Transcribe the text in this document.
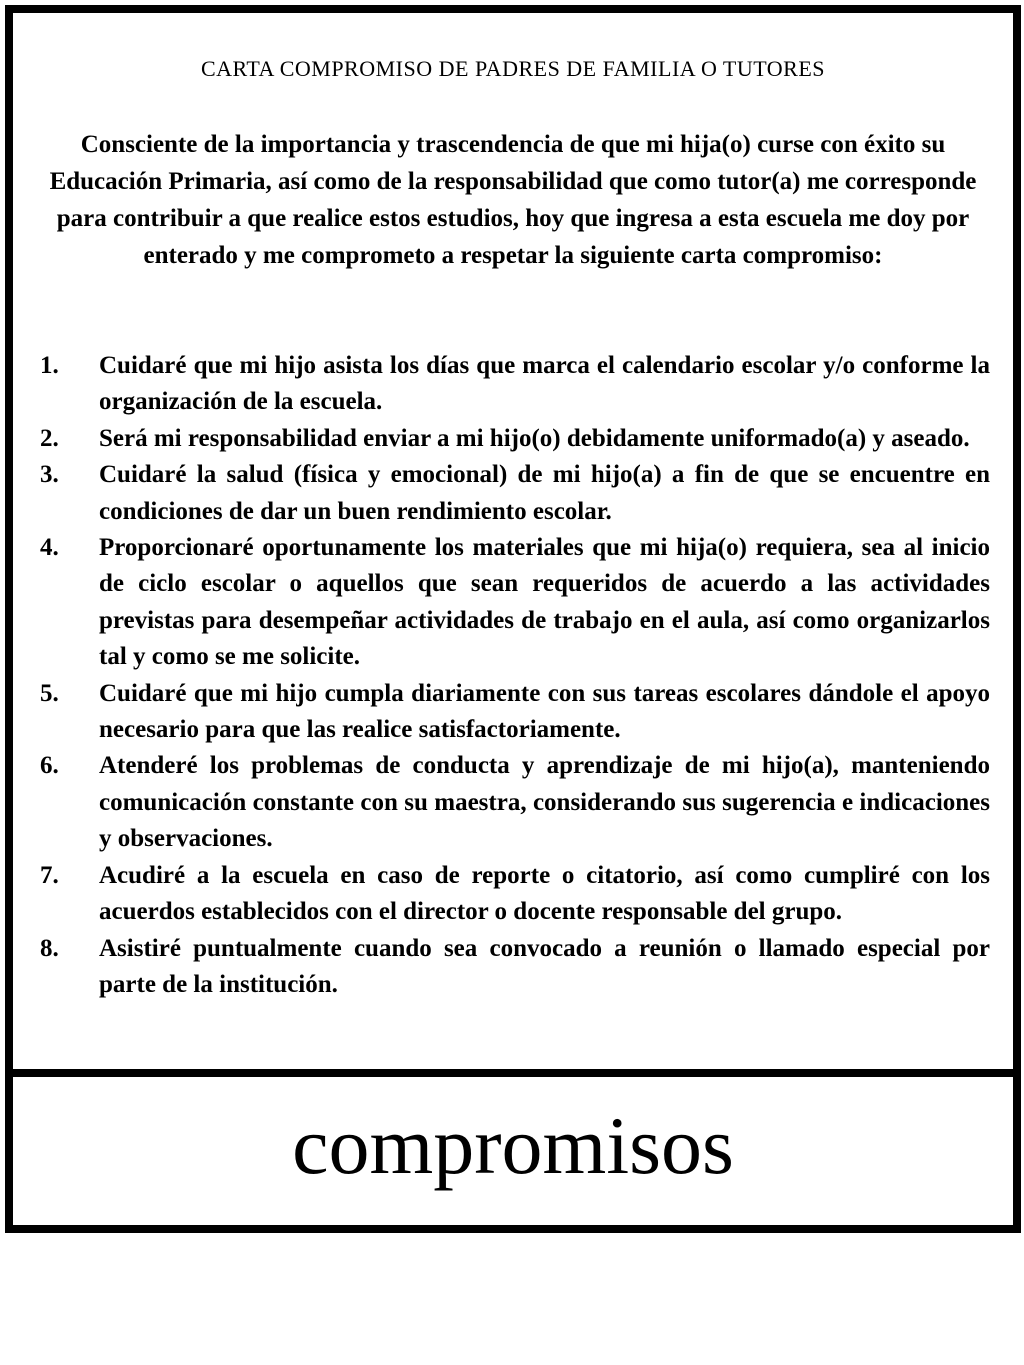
CARTA COMPROMISO DE PADRES DE FAMILIA O TUTORES

Consciente de la importancia y trascendencia de que mi hija(o) curse con éxito su Educación Primaria, así como de la responsabilidad que como tutor(a) me corresponde para contribuir a que realice estos estudios, hoy que ingresa a esta escuela me doy por enterado y me comprometo a respetar la siguiente carta compromiso:

1. Cuidaré que mi hijo asista los días que marca el calendario escolar y/o conforme la organización de la escuela.
2. Será mi responsabilidad enviar a mi hijo(o) debidamente uniformado(a) y aseado.
3. Cuidaré la salud (física y emocional) de mi hijo(a) a fin de que se encuentre en condiciones de dar un buen rendimiento escolar.
4. Proporcionaré oportunamente los materiales que mi hija(o) requiera, sea al inicio de ciclo escolar o aquellos que sean requeridos de acuerdo a las actividades previstas para desempeñar actividades de trabajo en el aula, así como organizarlos tal y como se me solicite.
5. Cuidaré que mi hijo cumpla diariamente con sus tareas escolares dándole el apoyo necesario para que las realice satisfactoriamente.
6. Atenderé los problemas de conducta y aprendizaje de mi hijo(a), manteniendo comunicación constante con su maestra, considerando sus sugerencia e indicaciones y observaciones.
7. Acudiré a la escuela en caso de reporte o citatorio, así como cumpliré con los acuerdos establecidos con el director o docente responsable del grupo.
8. Asistiré puntualmente cuando sea convocado a reunión o llamado especial por parte de la institución.
compromisos
